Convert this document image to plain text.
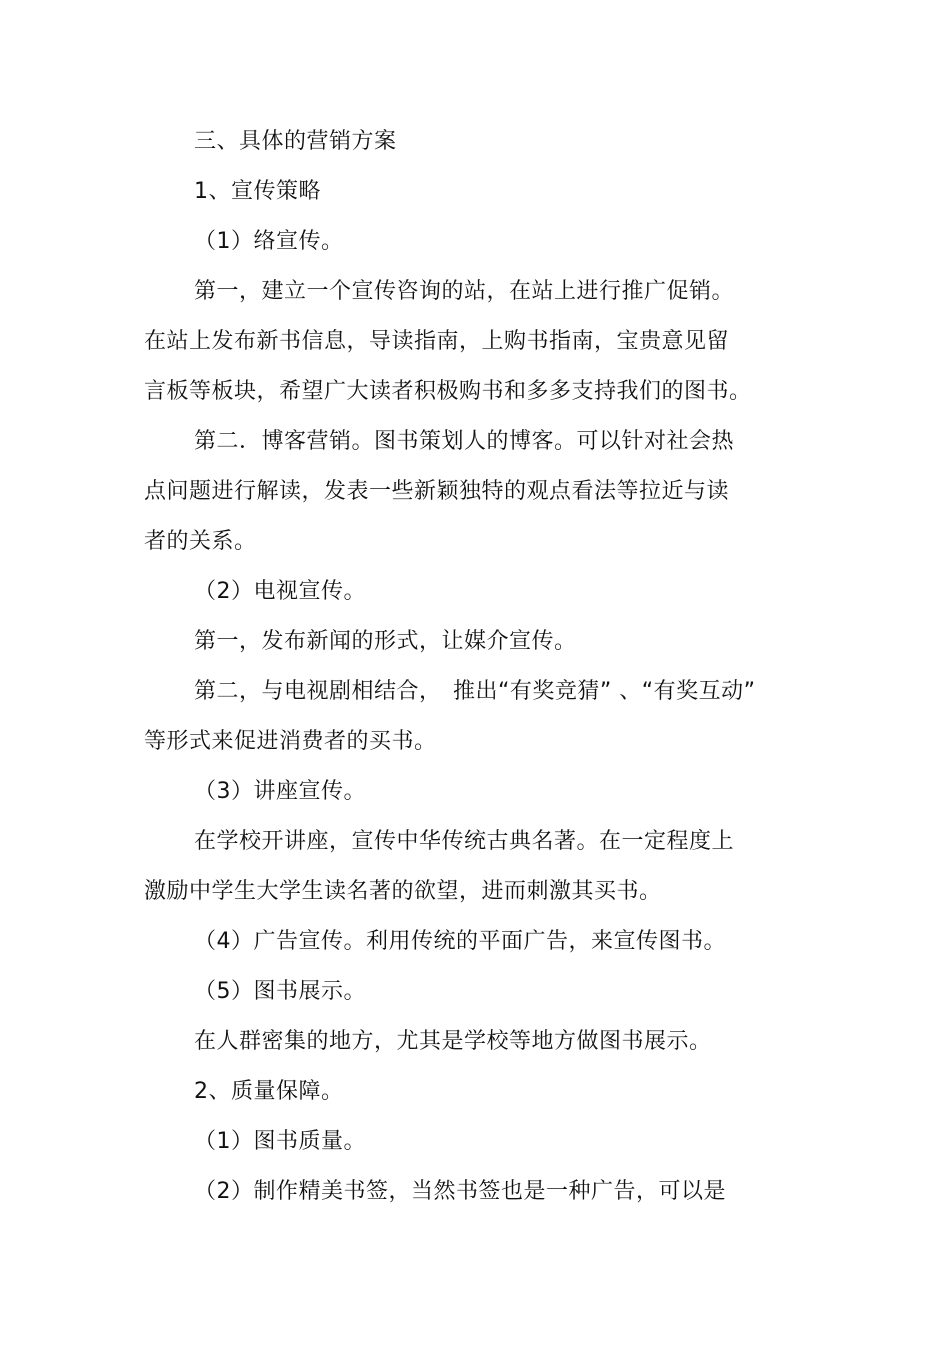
三、具体的营销方案
1、宣传策略
（1）络宣传。
第一，建立一个宣传咨询的站，在站上进行推广促销。
在站上发布新书信息，导读指南，上购书指南，宝贵意见留
言板等板块，希望广大读者积极购书和多多支持我们的图书。
第二．博客营销。图书策划人的博客。可以针对社会热
点问题进行解读，发表一些新颖独特的观点看法等拉近与读
者的关系。
（2）电视宣传。
第一，发布新闻的形式，让媒介宣传。
第二，与电视剧相结合，　推出“有奖竞猜” 、“有奖互动”
等形式来促进消费者的买书。
（3）讲座宣传。
在学校开讲座，宣传中华传统古典名著。在一定程度上
激励中学生大学生读名著的欲望，进而刺激其买书。
（4）广告宣传。利用传统的平面广告，来宣传图书。
（5）图书展示。
在人群密集的地方，尤其是学校等地方做图书展示。
2、质量保障。
（1）图书质量。
（2）制作精美书签，当然书签也是一种广告，可以是
